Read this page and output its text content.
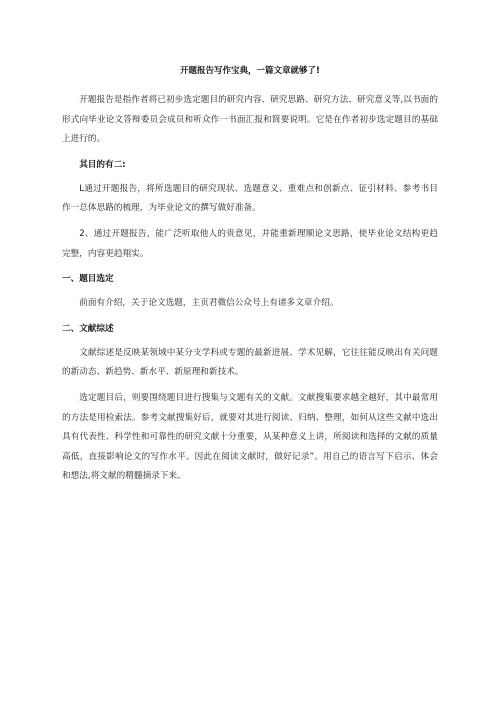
开题报告写作宝典，一篇文章就够了!

开题报告是指作者将已初步选定题目的研究内容、研究思路、研究方法、研究意义等,以书面的形式向毕业论文答辩委员会成员和听众作一书面汇报和简要说明。它是在作者初步选定题目的基础上进行的。

其目的有二:

L通过开题报告，将所选题目的研究现状、选题意义、重难点和创新点、征引材料、参考书目作一总体思路的梳理，为毕业论文的撰写做好准备。

2、通过开题报告，能广泛听取他人的贵意见，并能重新理顺论文思路，使毕业论文结构更趋完整，内容更趋翔实。

一、题目选定

前面有介绍，关于论文选题，主页君微信公众号上有诸多文章介绍。

二、文献综述

文献综述是反映某领域中某分支学科或专题的最新进展、学术见解，它往往能反映出有关问题的新动态、新趋势、新水平、新原理和新技术。

选定题目后，则要围绕题目进行搜集与文题有关的文献。文献搜集要求越全越好，其中最常用的方法是用检索法。参考文献搜集好后，就要对其进行阅读、归纳、整理，如何从这些文献中选出具有代表性、科学性和可靠性的研究文献十分重要，从某种意义上讲，所阅读和选择的文献的质量高低，直接影响论文的写作水平。因此在阅读文献时，做好记录”。用自己的语言写下启示、体会和想法,将文献的精髓摘录下来。
